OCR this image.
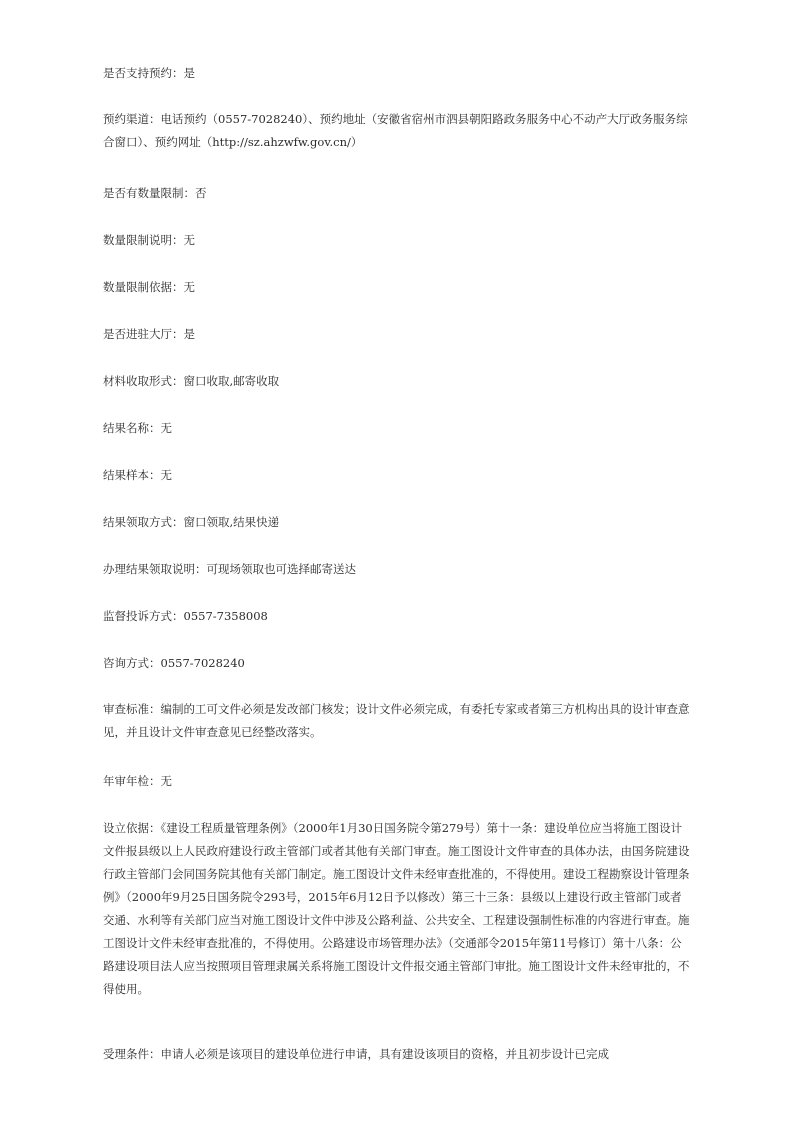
是否支持预约：是

预约渠道：电话预约（0557-7028240）、预约地址（安徽省宿州市泗县朝阳路政务服务中心不动产大厅政务服务综合窗口）、预约网址（http://sz.ahzwfw.gov.cn/）

是否有数量限制：否

数量限制说明：无

数量限制依据：无

是否进驻大厅：是

材料收取形式：窗口收取,邮寄收取

结果名称：无

结果样本：无

结果领取方式：窗口领取,结果快递

办理结果领取说明：可现场领取也可选择邮寄送达

监督投诉方式：0557-7358008

咨询方式：0557-7028240

审查标准：编制的工可文件必须是发改部门核发；设计文件必须完成，有委托专家或者第三方机构出具的设计审查意见，并且设计文件审查意见已经整改落实。

年审年检：无

设立依据：《建设工程质量管理条例》（2000年1月30日国务院令第279号）第十一条：建设单位应当将施工图设计文件报县级以上人民政府建设行政主管部门或者其他有关部门审查。施工图设计文件审查的具体办法，由国务院建设行政主管部门会同国务院其他有关部门制定。施工图设计文件未经审查批准的，不得使用。建设工程勘察设计管理条例》（2000年9月25日国务院令293号，2015年6月12日予以修改）第三十三条：县级以上建设行政主管部门或者交通、水利等有关部门应当对施工图设计文件中涉及公路利益、公共安全、工程建设强制性标准的内容进行审查。施工图设计文件未经审查批准的，不得使用。公路建设市场管理办法》（交通部令2015年第11号修订）第十八条：公路建设项目法人应当按照项目管理隶属关系将施工图设计文件报交通主管部门审批。施工图设计文件未经审批的，不得使用。

受理条件：申请人必须是该项目的建设单位进行申请，具有建设该项目的资格，并且初步设计已完成
